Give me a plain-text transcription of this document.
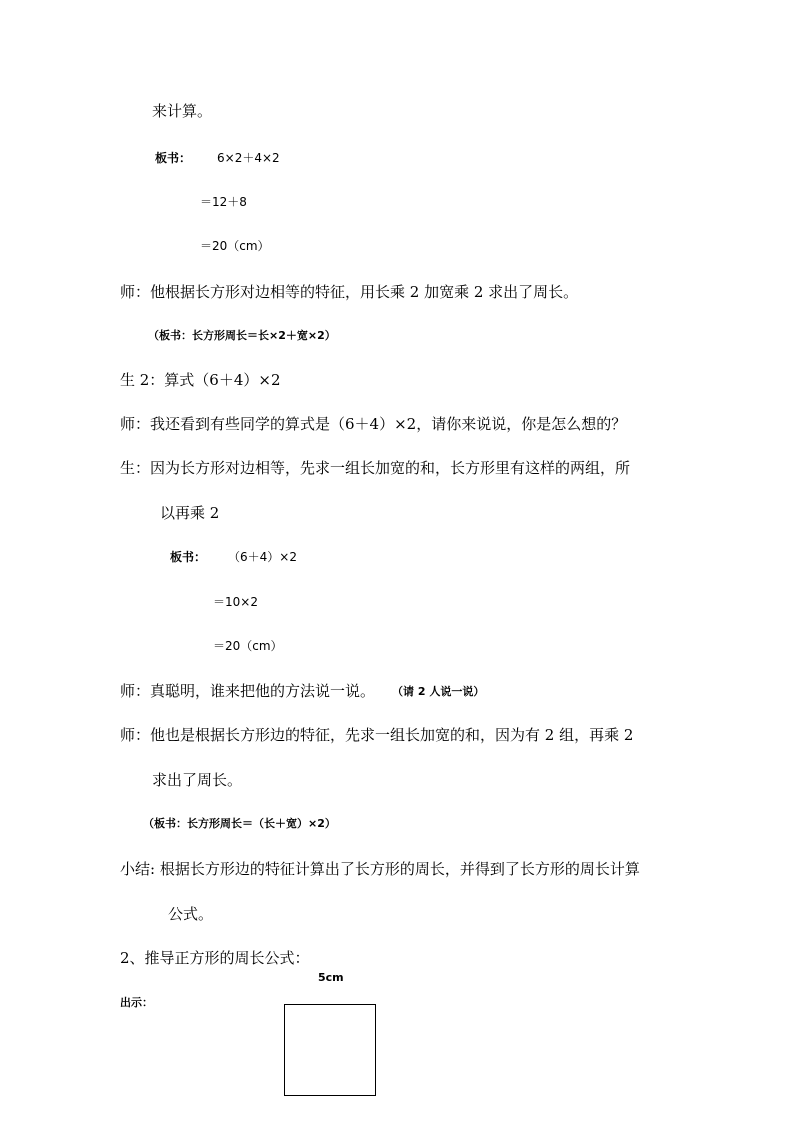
来计算。
板书： 6×2＋4×2
＝12＋8
＝20（cm）
师：他根据长方形对边相等的特征，用长乘 2 加宽乘 2 求出了周长。
（板书：长方形周长＝长×2＋宽×2）
生 2：算式（6＋4）×2
师：我还看到有些同学的算式是（6＋4）×2，请你来说说，你是怎么想的？
生：因为长方形对边相等，先求一组长加宽的和，长方形里有这样的两组，所
以再乘 2
板书： （6＋4）×2
＝10×2
＝20（cm）
师：真聪明，谁来把他的方法说一说。 （请 2 人说一说）
师：他也是根据长方形边的特征，先求一组长加宽的和，因为有 2 组，再乘 2
求出了周长。
（板书：长方形周长＝（长＋宽）×2）
小结: 根据长方形边的特征计算出了长方形的周长，并得到了长方形的周长计算
公式。
2、推导正方形的周长公式：
5cm
出示：
